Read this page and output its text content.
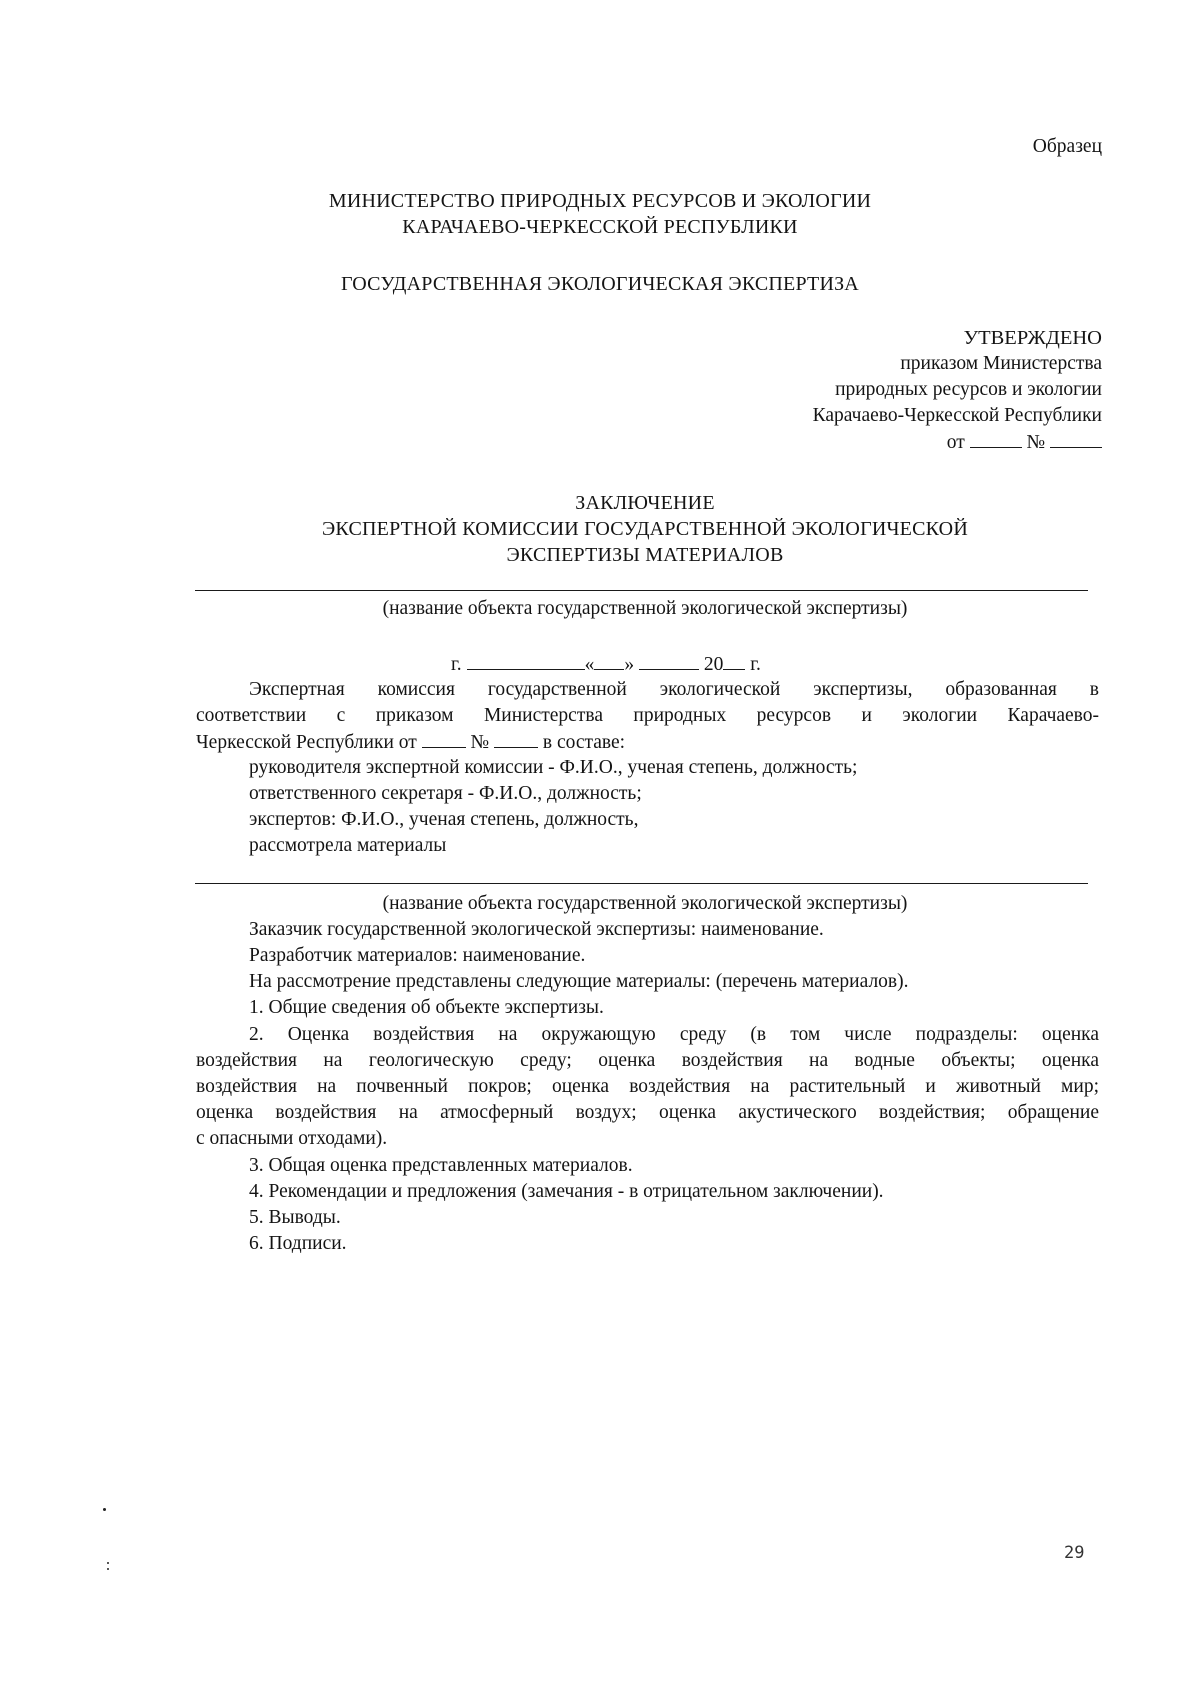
Образец
МИНИСТЕРСТВО ПРИРОДНЫХ РЕСУРСОВ И ЭКОЛОГИИ
КАРАЧАЕВО-ЧЕРКЕССКОЙ РЕСПУБЛИКИ
ГОСУДАРСТВЕННАЯ ЭКОЛОГИЧЕСКАЯ ЭКСПЕРТИЗА
УТВЕРЖДЕНО
приказом Министерства
природных ресурсов и экологии
Карачаево-Черкесской Республики
от	№
ЗАКЛЮЧЕНИЕ
ЭКСПЕРТНОЙ КОМИССИИ ГОСУДАРСТВЕННОЙ ЭКОЛОГИЧЕСКОЙ
ЭКСПЕРТИЗЫ МАТЕРИАЛОВ
(название объекта государственной экологической экспертизы)
г.	« »	20 г.
Экспертная комиссия государственной экологической экспертизы, образованная в
соответствии с приказом Министерства природных ресурсов и экологии Карачаево-
Черкесской Республики от	№	в составе:
руководителя экспертной комиссии - Ф.И.О., ученая степень, должность;
ответственного секретаря - Ф.И.О., должность;
экспертов: Ф.И.О., ученая степень, должность,
рассмотрела материалы
(название объекта государственной экологической экспертизы)
Заказчик государственной экологической экспертизы: наименование.
Разработчик материалов: наименование.
На рассмотрение представлены следующие материалы: (перечень материалов).
1. Общие сведения об объекте экспертизы.
2. Оценка воздействия на окружающую среду (в том числе подразделы: оценка
воздействия на геологическую среду; оценка воздействия на водные объекты; оценка
воздействия на почвенный покров; оценка воздействия на растительный и животный мир;
оценка воздействия на атмосферный воздух; оценка акустического воздействия; обращение
с опасными отходами).
3. Общая оценка представленных материалов.
4. Рекомендации и предложения (замечания - в отрицательном заключении).
5. Выводы.
6. Подписи.
29
